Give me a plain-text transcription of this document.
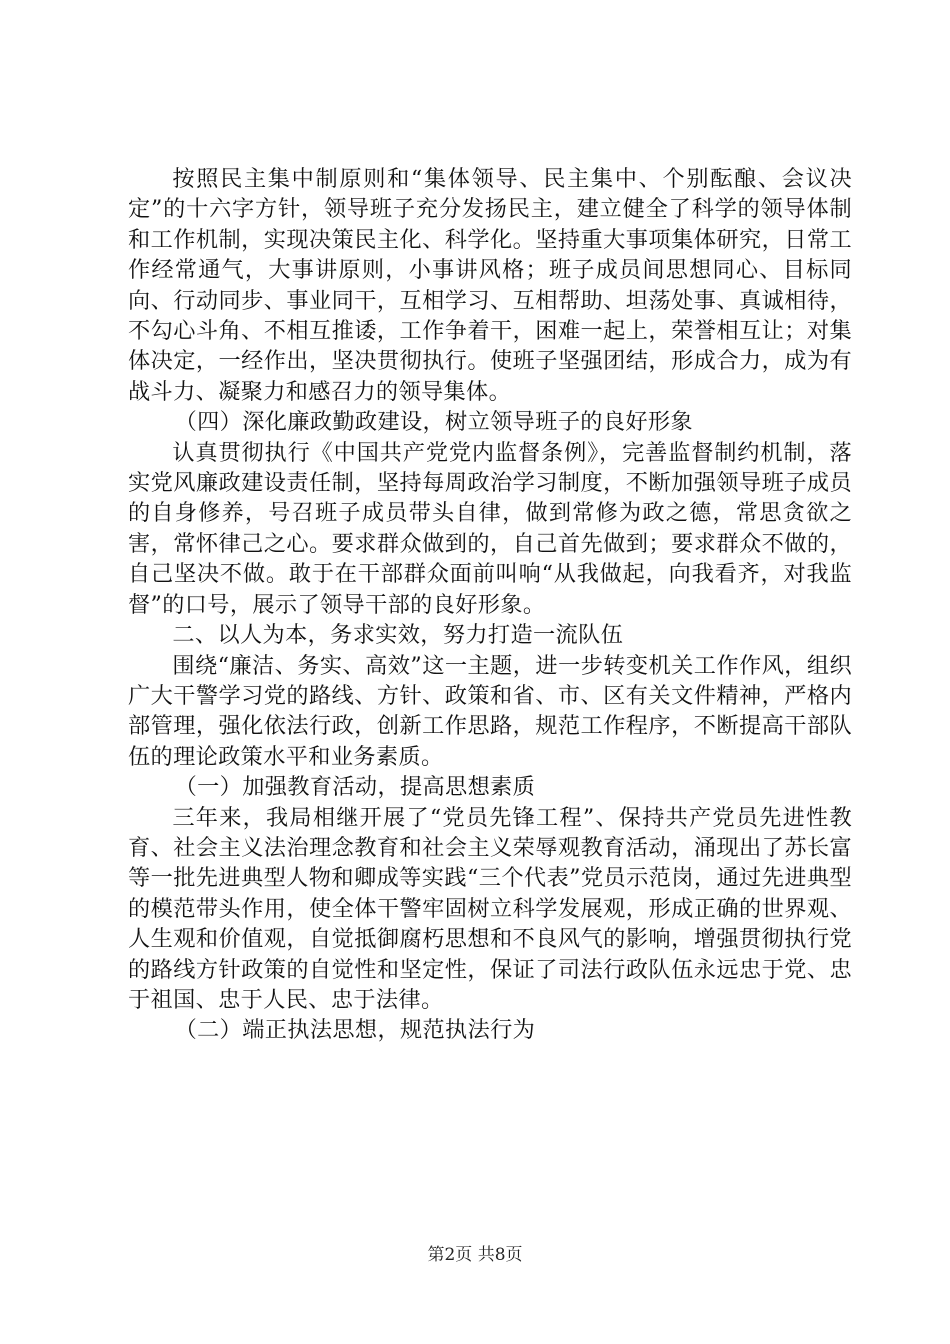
按照民主集中制原则和“集体领导、民主集中、个别酝酿、会议决定”的十六字方针，领导班子充分发扬民主，建立健全了科学的领导体制和工作机制，实现决策民主化、科学化。坚持重大事项集体研究，日常工作经常通气，大事讲原则，小事讲风格；班子成员间思想同心、目标同向、行动同步、事业同干，互相学习、互相帮助、坦荡处事、真诚相待，不勾心斗角、不相互推诿，工作争着干，困难一起上，荣誉相互让；对集体决定，一经作出，坚决贯彻执行。使班子坚强团结，形成合力，成为有战斗力、凝聚力和感召力的领导集体。

（四）深化廉政勤政建设，树立领导班子的良好形象

认真贯彻执行《中国共产党党内监督条例》，完善监督制约机制，落实党风廉政建设责任制，坚持每周政治学习制度，不断加强领导班子成员的自身修养，号召班子成员带头自律，做到常修为政之德，常思贪欲之害，常怀律己之心。要求群众做到的，自己首先做到；要求群众不做的，自己坚决不做。敢于在干部群众面前叫响“从我做起，向我看齐，对我监督”的口号，展示了领导干部的良好形象。

二、以人为本，务求实效，努力打造一流队伍

围绕“廉洁、务实、高效”这一主题，进一步转变机关工作作风，组织广大干警学习党的路线、方针、政策和省、市、区有关文件精神，严格内部管理，强化依法行政，创新工作思路，规范工作程序，不断提高干部队伍的理论政策水平和业务素质。

（一）加强教育活动，提高思想素质

三年来，我局相继开展了“党员先锋工程”、保持共产党员先进性教育、社会主义法治理念教育和社会主义荣辱观教育活动，涌现出了苏长富等一批先进典型人物和卿成等实践“三个代表”党员示范岗，通过先进典型的模范带头作用，使全体干警牢固树立科学发展观，形成正确的世界观、人生观和价值观，自觉抵御腐朽思想和不良风气的影响，增强贯彻执行党的路线方针政策的自觉性和坚定性，保证了司法行政队伍永远忠于党、忠于祖国、忠于人民、忠于法律。

（二）端正执法思想，规范执法行为

第2页 共8页
